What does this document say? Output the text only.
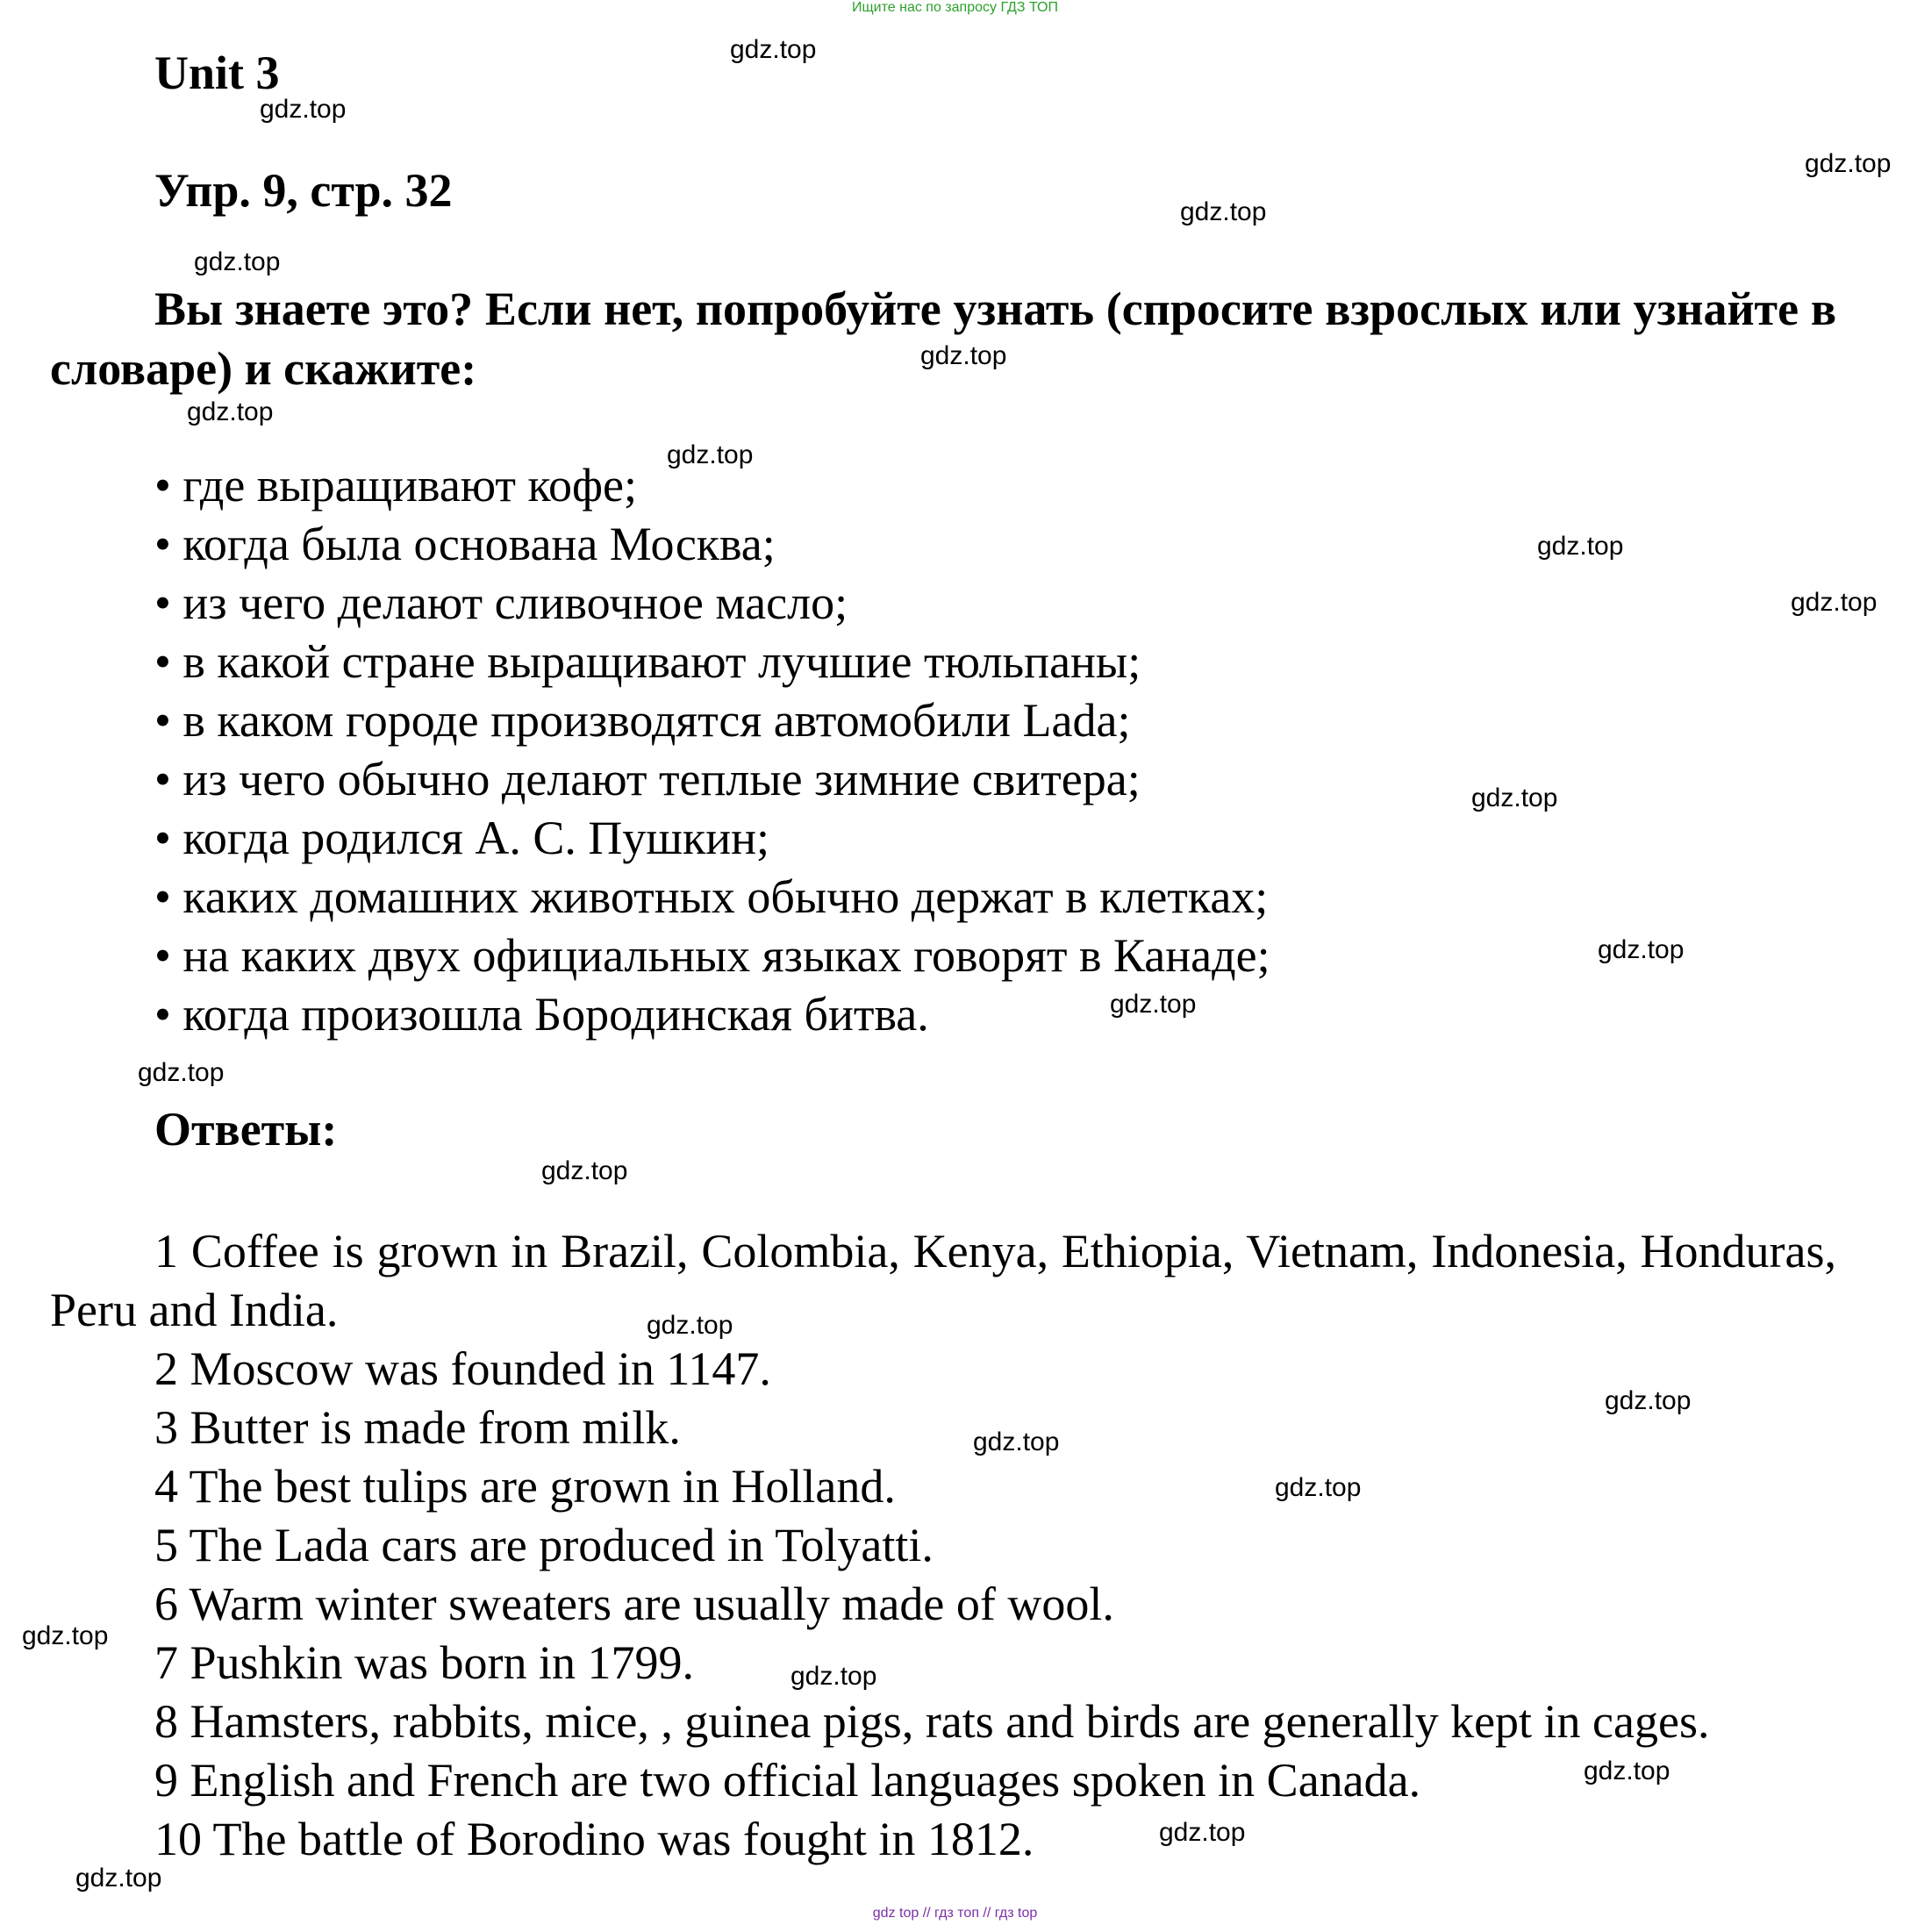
Ищите нас по запросу ГДЗ ТОП
Unit 3
Упр. 9, стр. 32
Вы знаете это? Если нет, попробуйте узнать (спросите взрослых или узнайте в словаре) и скажите:
• где выращивают кофе;
• когда была основана Москва;
• из чего делают сливочное масло;
• в какой стране выращивают лучшие тюльпаны;
• в каком городе производятся автомобили Lada;
• из чего обычно делают теплые зимние свитера;
• когда родился А. С. Пушкин;
• каких домашних животных обычно держат в клетках;
• на каких двух официальных языках говорят в Канаде;
• когда произошла Бородинская битва.
Ответы:
1 Coffee is grown in Brazil, Colombia, Kenya, Ethiopia, Vietnam, Indonesia, Honduras, Peru and India.
2 Moscow was founded in 1147.
3 Butter is made from milk.
4 The best tulips are grown in Holland.
5 The Lada cars are produced in Tolyatti.
6 Warm winter sweaters are usually made of wool.
7 Pushkin was born in 1799.
8 Hamsters, rabbits, mice, , guinea pigs, rats and birds are generally kept in cages.
9 English and French are two official languages spoken in Canada.
10 The battle of Borodino was fought in 1812.
gdz.top
gdz.top
gdz.top
gdz.top
gdz.top
gdz.top
gdz.top
gdz.top
gdz.top
gdz.top
gdz.top
gdz.top
gdz.top
gdz.top
gdz.top
gdz.top
gdz.top
gdz.top
gdz.top
gdz.top
gdz.top
gdz.top
gdz.top
gdz.top
gdz top // гдз топ // гдз top
